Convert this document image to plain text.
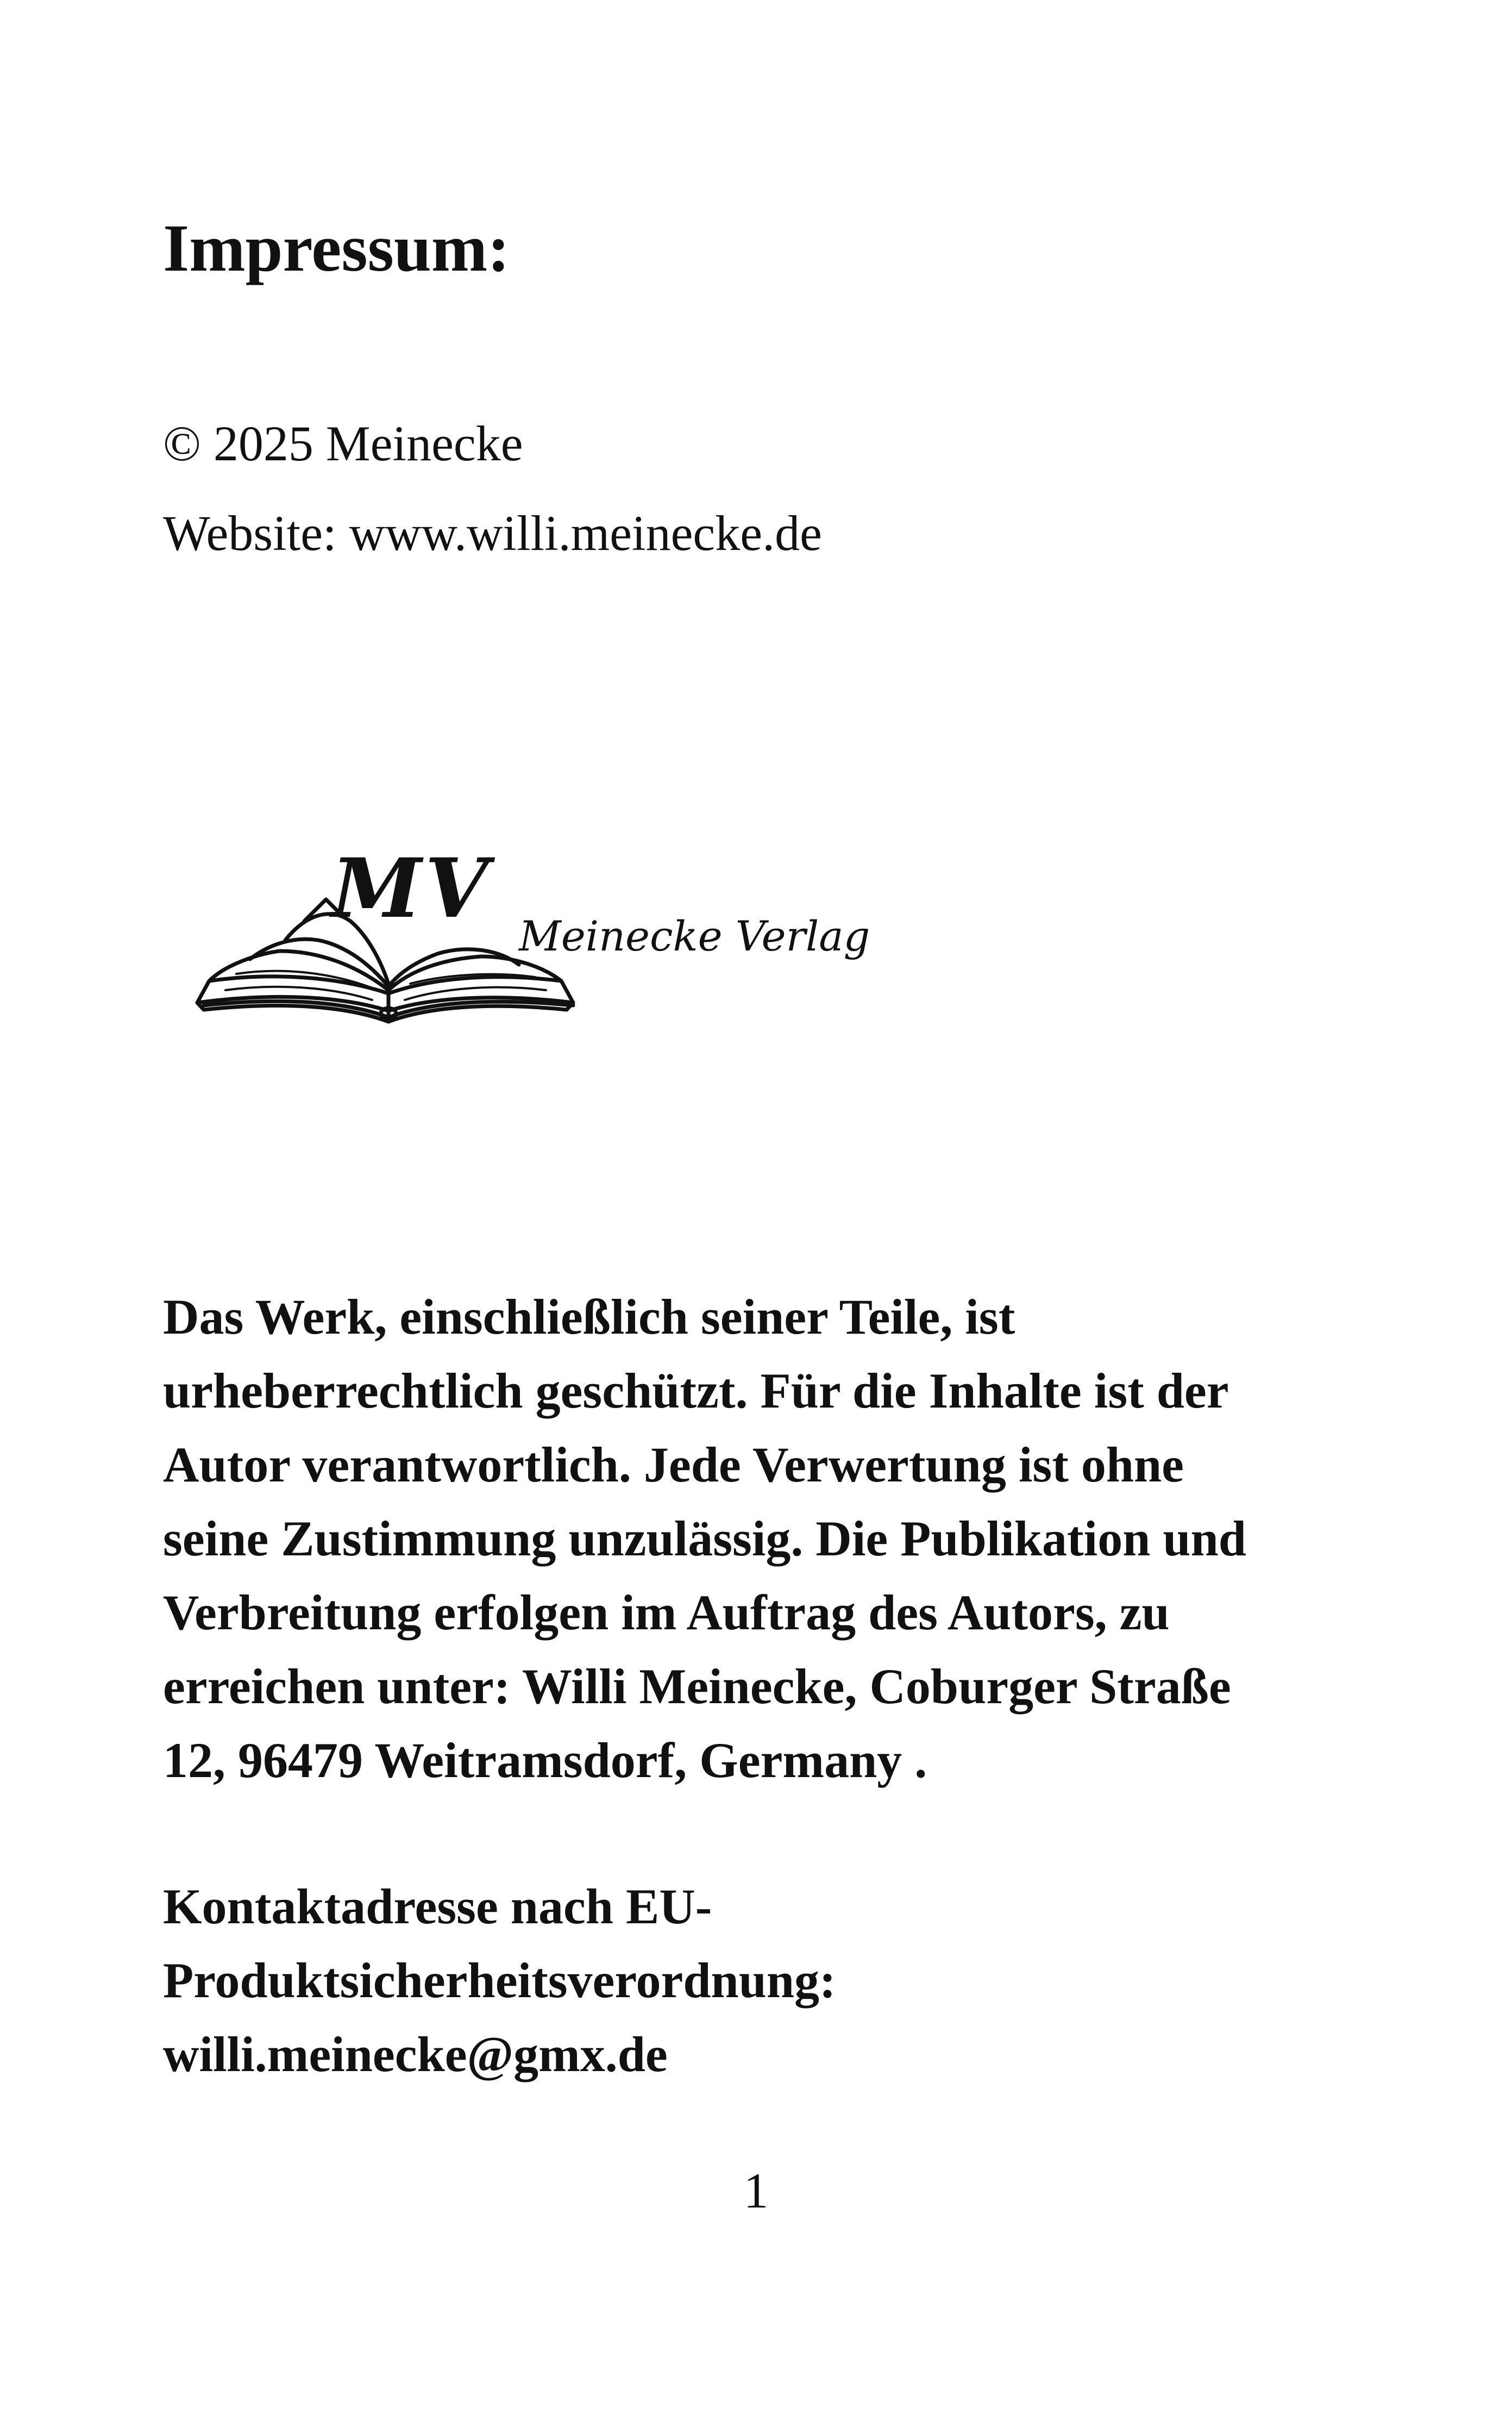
Impressum:

© 2025 Meinecke

Website: www.willi.meinecke.de

MV Meinecke Verlag

Das Werk, einschließlich seiner Teile, ist
urheberrechtlich geschützt. Für die Inhalte ist der
Autor verantwortlich. Jede Verwertung ist ohne
seine Zustimmung unzulässig. Die Publikation und
Verbreitung erfolgen im Auftrag des Autors, zu
erreichen unter: Willi Meinecke, Coburger Straße
12, 96479 Weitramsdorf, Germany .

Kontaktadresse nach EU-
Produktsicherheitsverordnung:
willi.meinecke@gmx.de

1
